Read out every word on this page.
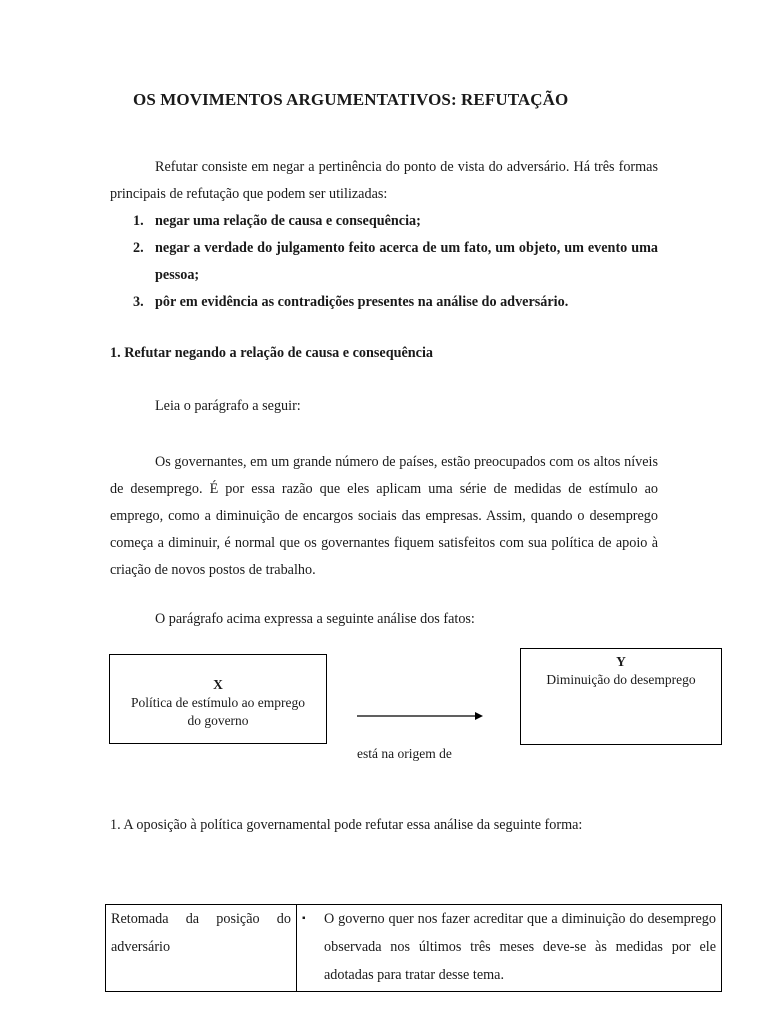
OS MOVIMENTOS ARGUMENTATIVOS: REFUTAÇÃO
Refutar consiste em negar a pertinência do ponto de vista do adversário. Há três formas principais de refutação que podem ser utilizadas:
1. negar uma relação de causa e consequência;
2. negar a verdade do julgamento feito acerca de um fato, um objeto, um evento uma pessoa;
3. pôr em evidência as contradições presentes na análise do adversário.
1. Refutar negando a relação de causa e consequência
Leia o parágrafo a seguir:
Os governantes, em um grande número de países, estão preocupados com os altos níveis de desemprego. É por essa razão que eles aplicam uma série de medidas de estímulo ao emprego, como a diminuição de encargos sociais das empresas. Assim, quando o desemprego começa a diminuir, é normal que os governantes fiquem satisfeitos com sua política de apoio à criação de novos postos de trabalho.
O parágrafo acima expressa a seguinte análise dos fatos:
X
Política de estímulo ao emprego
do governo
Y
Diminuição do desemprego
está na origem de
1. A oposição à política governamental pode refutar essa análise da seguinte forma:
Retomada da posição do adversário	
▪	O governo quer nos fazer acreditar que a diminuição do desemprego observada nos últimos três meses deve-se às medidas por ele adotadas para tratar desse tema.
